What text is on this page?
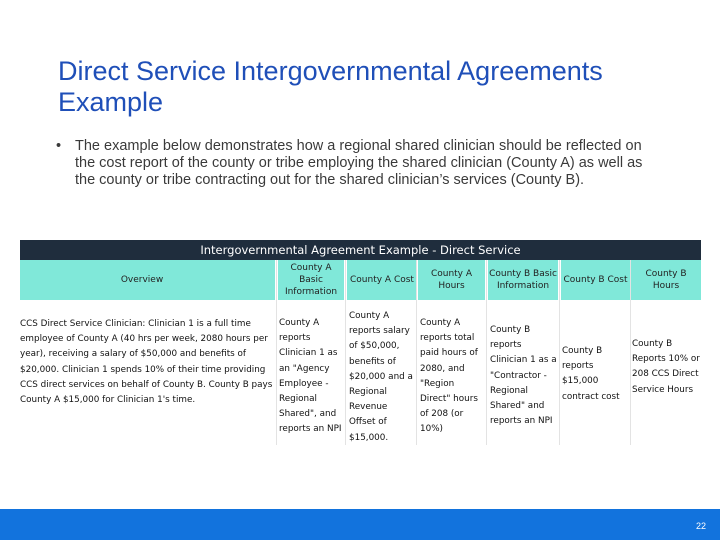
Direct Service Intergovernmental Agreements
Example
• The example below demonstrates how a regional shared clinician should be reflected on the cost report of the county or tribe employing the shared clinician (County A) as well as the county or tribe contracting out for the shared clinician’s services (County B).
Intergovernmental Agreement Example - Direct Service
Overview
County A Basic Information
County A Cost
County A Hours
County B Basic Information
County B Cost
County B Hours
CCS Direct Service Clinician: Clinician 1 is a full time employee of County A (40 hrs per week, 2080 hours per year), receiving a salary of $50,000 and benefits of $20,000. Clinician 1 spends 10% of their time providing CCS direct services on behalf of County B. County B pays County A $15,000 for Clinician 1's time.
County A reports Clinician 1 as an "Agency Employee - Regional Shared", and reports an NPI
County A reports salary of $50,000, benefits of $20,000 and a Regional Revenue Offset of $15,000.
County A reports total paid hours of 2080, and "Region Direct" hours of 208 (or 10%)
County B reports Clinician 1 as a "Contractor - Regional Shared" and reports an NPI
County B reports $15,000 contract cost
County B Reports 10% or 208 CCS Direct Service Hours
22
